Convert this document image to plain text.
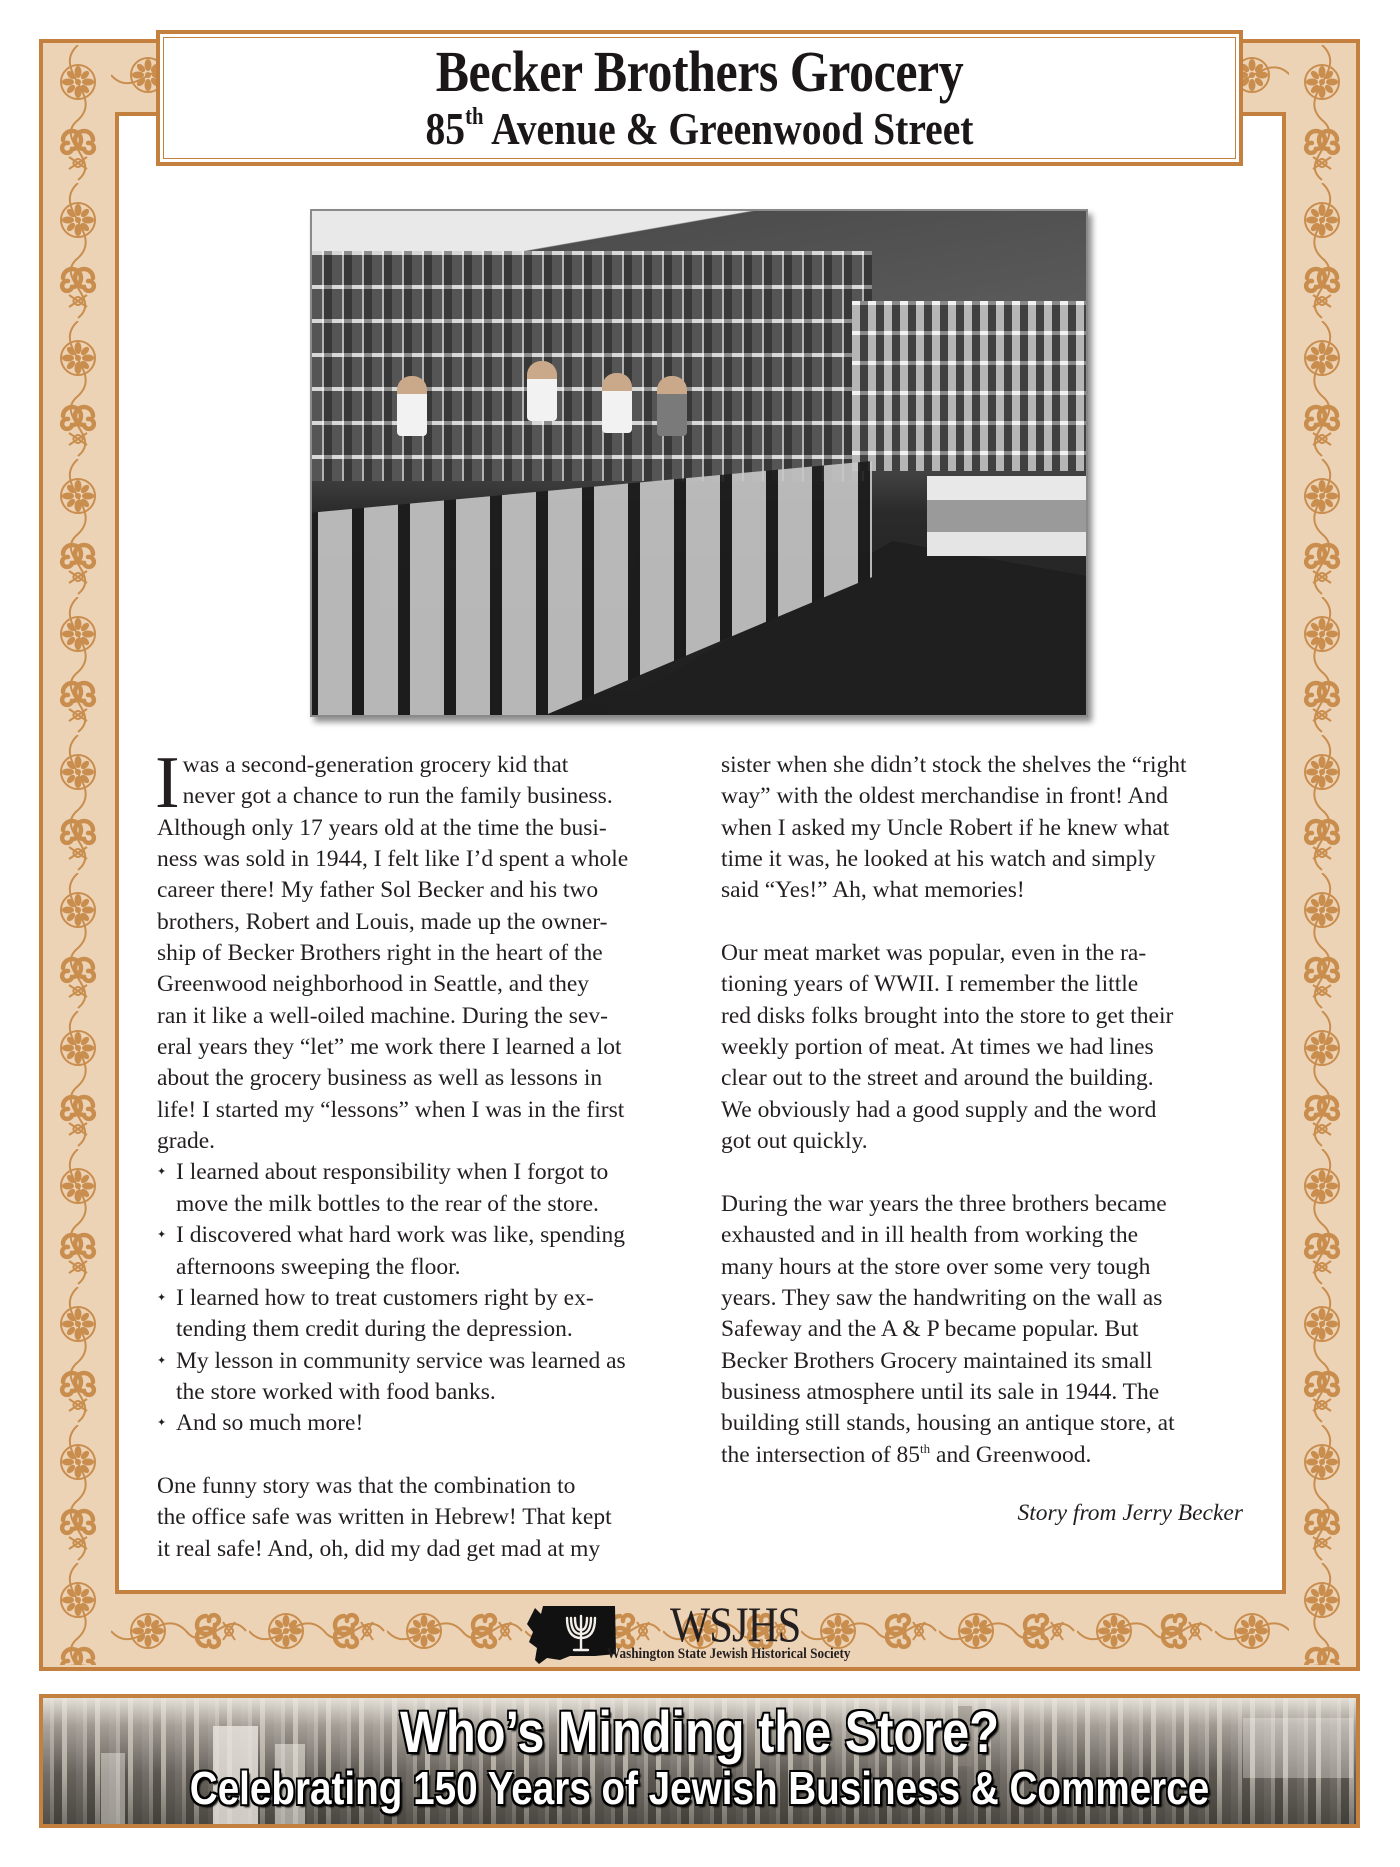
Becker Brothers Grocery
85th Avenue & Greenwood Street
I was a second-generation grocery kid that
never got a chance to run the family business.
Although only 17 years old at the time the busi-
ness was sold in 1944, I felt like I’d spent a whole
career there! My father Sol Becker and his two
brothers, Robert and Louis, made up the owner-
ship of Becker Brothers right in the heart of the
Greenwood neighborhood in Seattle, and they
ran it like a well-oiled machine. During the sev-
eral years they “let” me work there I learned a lot
about the grocery business as well as lessons in
life! I started my “lessons” when I was in the first
grade.
✦ I learned about responsibility when I forgot to
move the milk bottles to the rear of the store.
✦ I discovered what hard work was like, spending
afternoons sweeping the floor.
✦ I learned how to treat customers right by ex-
tending them credit during the depression.
✦ My lesson in community service was learned as
the store worked with food banks.
✦ And so much more!
One funny story was that the combination to
the office safe was written in Hebrew! That kept
it real safe! And, oh, did my dad get mad at my
sister when she didn’t stock the shelves the “right
way” with the oldest merchandise in front! And
when I asked my Uncle Robert if he knew what
time it was, he looked at his watch and simply
said “Yes!” Ah, what memories!
Our meat market was popular, even in the ra-
tioning years of WWII. I remember the little
red disks folks brought into the store to get their
weekly portion of meat. At times we had lines
clear out to the street and around the building.
We obviously had a good supply and the word
got out quickly.
During the war years the three brothers became
exhausted and in ill health from working the
many hours at the store over some very tough
years. They saw the handwriting on the wall as
Safeway and the A & P became popular. But
Becker Brothers Grocery maintained its small
business atmosphere until its sale in 1944. The
building still stands, housing an antique store, at
the intersection of 85th and Greenwood.
Story from Jerry Becker
WSJHS
Washington State Jewish Historical Society
Who’s Minding the Store?
Celebrating 150 Years of Jewish Business & Commerce
